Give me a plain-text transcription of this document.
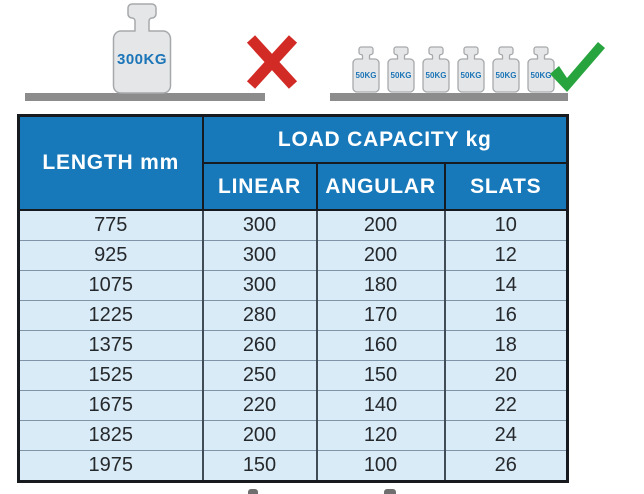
300KG
50KG	50KG	50KG	50KG	50KG	50KG
LENGTH mm	LOAD CAPACITY kg		
	LINEAR	ANGULAR	SLATS
775	300	200	10
925	300	200	12
1075	300	180	14
1225	280	170	16
1375	260	160	18
1525	250	150	20
1675	220	140	22
1825	200	120	24
1975	150	100	26
